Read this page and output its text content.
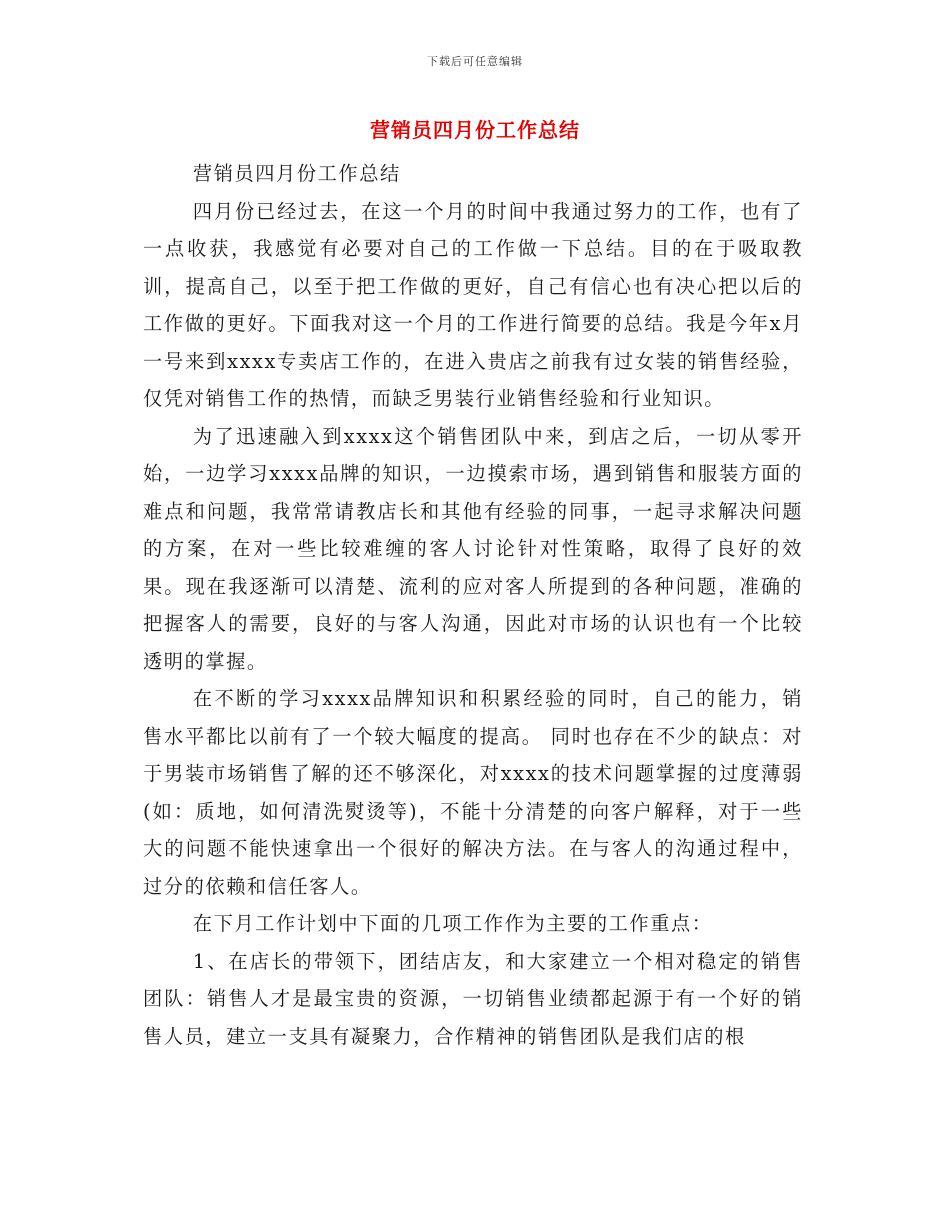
下载后可任意编辑
营销员四月份工作总结

营销员四月份工作总结

四月份已经过去，在这一个月的时间中我通过努力的工作，也有了一点收获，我感觉有必要对自己的工作做一下总结。目的在于吸取教训，提高自己，以至于把工作做的更好，自己有信心也有决心把以后的工作做的更好。下面我对这一个月的工作进行简要的总结。我是今年x月一号来到xxxx专卖店工作的，在进入贵店之前我有过女装的销售经验，仅凭对销售工作的热情，而缺乏男装行业销售经验和行业知识。

为了迅速融入到xxxx这个销售团队中来，到店之后，一切从零开始，一边学习xxxx品牌的知识，一边摸索市场，遇到销售和服装方面的难点和问题，我常常请教店长和其他有经验的同事，一起寻求解决问题的方案，在对一些比较难缠的客人讨论针对性策略，取得了良好的效果。现在我逐渐可以清楚、流利的应对客人所提到的各种问题，准确的把握客人的需要，良好的与客人沟通，因此对市场的认识也有一个比较透明的掌握。

在不断的学习xxxx品牌知识和积累经验的同时，自己的能力，销售水平都比以前有了一个较大幅度的提高。 同时也存在不少的缺点：对于男装市场销售了解的还不够深化，对xxxx的技术问题掌握的过度薄弱(如：质地，如何清洗熨烫等)，不能十分清楚的向客户解释，对于一些大的问题不能快速拿出一个很好的解决方法。在与客人的沟通过程中，过分的依赖和信任客人。

在下月工作计划中下面的几项工作作为主要的工作重点：

1、在店长的带领下，团结店友，和大家建立一个相对稳定的销售团队：销售人才是最宝贵的资源，一切销售业绩都起源于有一个好的销售人员，建立一支具有凝聚力，合作精神的销售团队是我们店的根
